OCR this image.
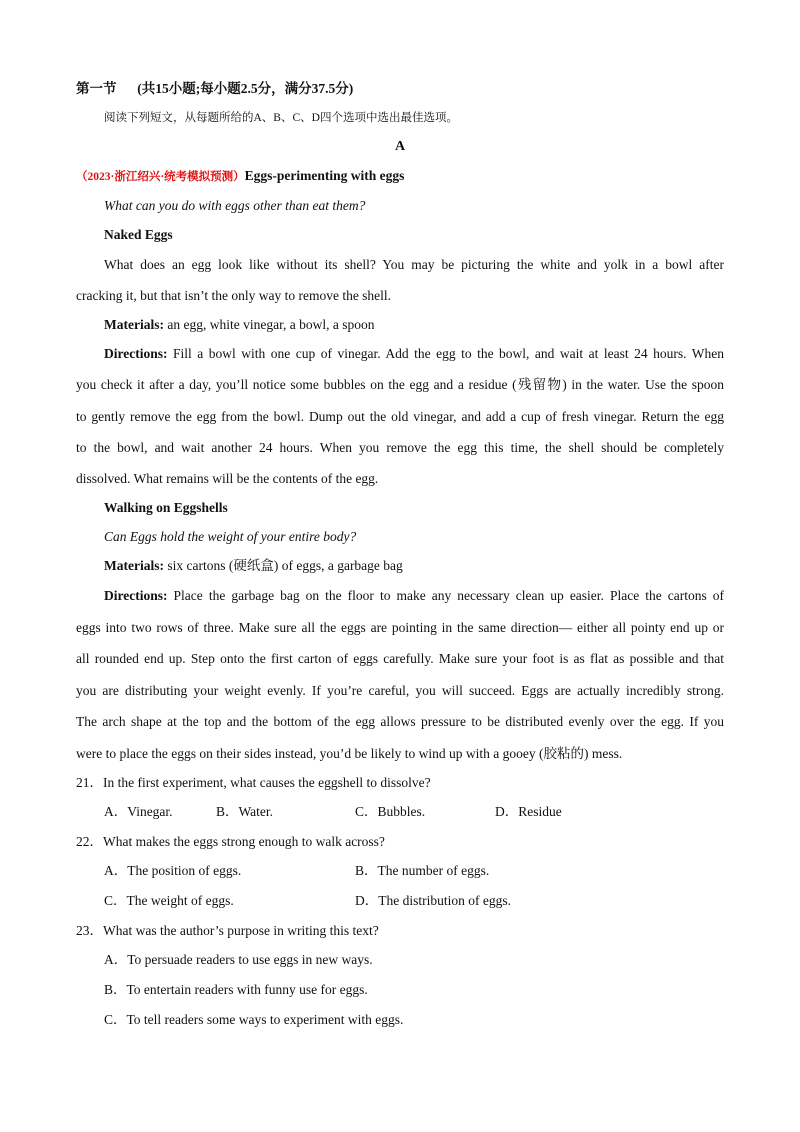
第一节 (共15小题;每小题2.5分，满分37.5分)
阅读下列短文，从每题所给的A、B、C、D四个选项中选出最佳选项。
A
（2023·浙江绍兴·统考模拟预测）Eggs-perimenting with eggs
What can you do with eggs other than eat them?
Naked Eggs
What does an egg look like without its shell? You may be picturing the white and yolk in a bowl after
cracking it, but that isn’t the only way to remove the shell.
Materials: an egg, white vinegar, a bowl, a spoon
Directions: Fill a bowl with one cup of vinegar. Add the egg to the bowl, and wait at least 24 hours. When
you check it after a day, you’ll notice some bubbles on the egg and a residue (残留物) in the water. Use the spoon
to gently remove the egg from the bowl. Dump out the old vinegar, and add a cup of fresh vinegar. Return the egg
to the bowl, and wait another 24 hours. When you remove the egg this time, the shell should be completely
dissolved. What remains will be the contents of the egg.
Walking on Eggshells
Can Eggs hold the weight of your entire body?
Materials: six cartons (硬纸盒) of eggs, a garbage bag
Directions: Place the garbage bag on the floor to make any necessary clean up easier. Place the cartons of
eggs into two rows of three. Make sure all the eggs are pointing in the same direction— either all pointy end up or
all rounded end up. Step onto the first carton of eggs carefully. Make sure your foot is as flat as possible and that
you are distributing your weight evenly. If you’re careful, you will succeed. Eggs are actually incredibly strong.
The arch shape at the top and the bottom of the egg allows pressure to be distributed evenly over the egg. If you
were to place the eggs on their sides instead, you’d be likely to wind up with a gooey (胶粘的) mess.
21．In the first experiment, what causes the eggshell to dissolve?
A．Vinegar.	B．Water.	C．Bubbles.	D．Residue
22．What makes the eggs strong enough to walk across?
A．The position of eggs.	B．The number of eggs.
C．The weight of eggs.	D．The distribution of eggs.
23．What was the author’s purpose in writing this text?
A．To persuade readers to use eggs in new ways.
B．To entertain readers with funny use for eggs.
C．To tell readers some ways to experiment with eggs.
